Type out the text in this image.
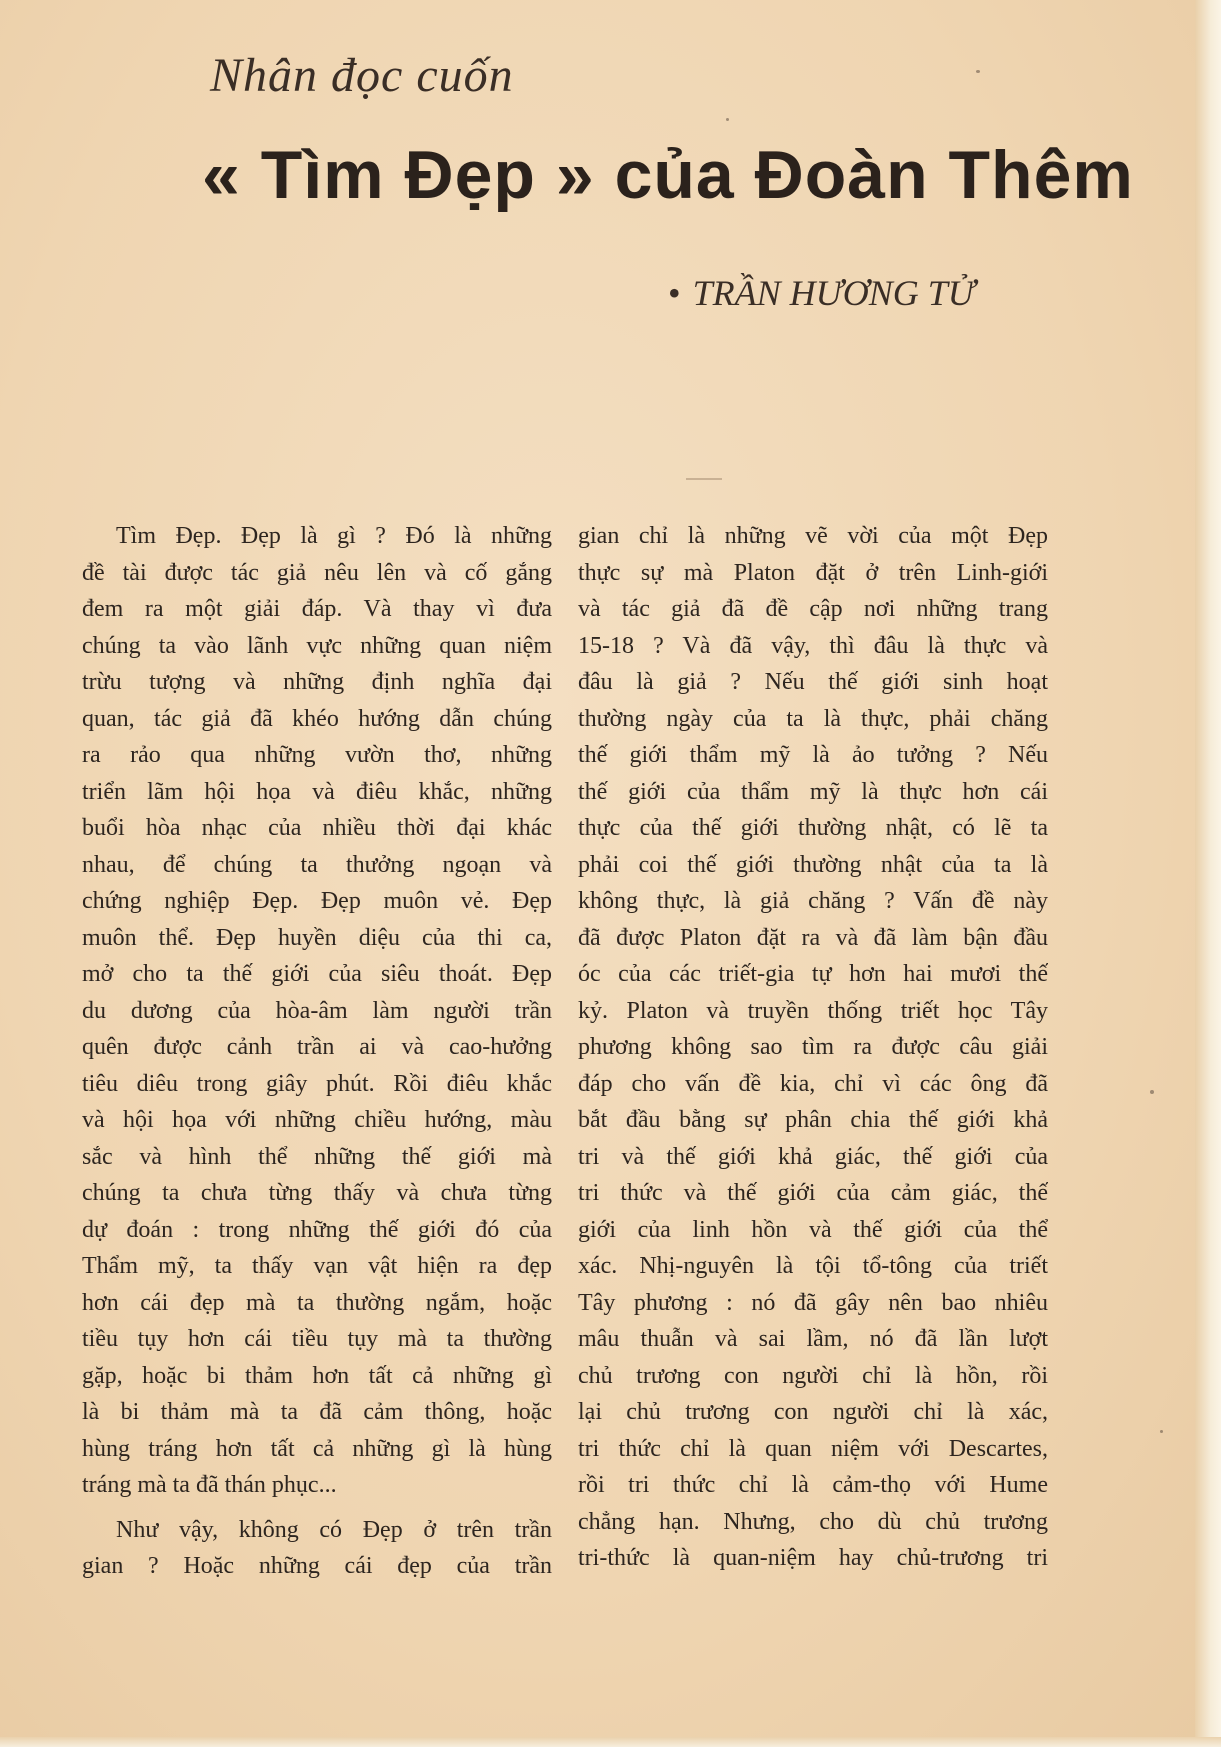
Nhân đọc cuốn
« Tìm Đẹp » của Đoàn Thêm
• TRẦN HƯƠNG TỬ
Tìm Đẹp. Đẹp là gì ? Đó là những
đề tài được tác giả nêu lên và cố gắng
đem ra một giải đáp. Và thay vì đưa
chúng ta vào lãnh vực những quan niệm
trừu tượng và những định nghĩa đại
quan, tác giả đã khéo hướng dẫn chúng
ra rảo qua những vườn thơ, những
triển lãm hội họa và điêu khắc, những
buổi hòa nhạc của nhiều thời đại khác
nhau, để chúng ta thưởng ngoạn và
chứng nghiệp Đẹp. Đẹp muôn vẻ. Đẹp
muôn thể. Đẹp huyền diệu của thi ca,
mở cho ta thế giới của siêu thoát. Đẹp
du dương của hòa-âm làm người trần
quên được cảnh trần ai và cao-hưởng
tiêu diêu trong giây phút. Rồi điêu khắc
và hội họa với những chiều hướng, màu
sắc và hình thể những thế giới mà
chúng ta chưa từng thấy và chưa từng
dự đoán : trong những thế giới đó của
Thẩm mỹ, ta thấy vạn vật hiện ra đẹp
hơn cái đẹp mà ta thường ngắm, hoặc
tiều tụy hơn cái tiều tụy mà ta thường
gặp, hoặc bi thảm hơn tất cả những gì
là bi thảm mà ta đã cảm thông, hoặc
hùng tráng hơn tất cả những gì là hùng
tráng mà ta đã thán phục...
Như vậy, không có Đẹp ở trên trần
gian ? Hoặc những cái đẹp của trần
gian chỉ là những vẽ vời của một Đẹp
thực sự mà Platon đặt ở trên Linh-giới
và tác giả đã đề cập nơi những trang
15-18 ? Và đã vậy, thì đâu là thực và
đâu là giả ? Nếu thế giới sinh hoạt
thường ngày của ta là thực, phải chăng
thế giới thẩm mỹ là ảo tưởng ? Nếu
thế giới của thẩm mỹ là thực hơn cái
thực của thế giới thường nhật, có lẽ ta
phải coi thế giới thường nhật của ta là
không thực, là giả chăng ? Vấn đề này
đã được Platon đặt ra và đã làm bận đầu
óc của các triết-gia tự hơn hai mươi thế
kỷ. Platon và truyền thống triết học Tây
phương không sao tìm ra được câu giải
đáp cho vấn đề kia, chỉ vì các ông đã
bắt đầu bằng sự phân chia thế giới khả
tri và thế giới khả giác, thế giới của
tri thức và thế giới của cảm giác, thế
giới của linh hồn và thế giới của thể
xác. Nhị-nguyên là tội tổ-tông của triết
Tây phương : nó đã gây nên bao nhiêu
mâu thuẫn và sai lầm, nó đã lần lượt
chủ trương con người chỉ là hồn, rồi
lại chủ trương con người chỉ là xác,
tri thức chỉ là quan niệm với Descartes,
rồi tri thức chỉ là cảm-thọ với Hume
chẳng hạn. Nhưng, cho dù chủ trương
tri-thức là quan-niệm hay chủ-trương tri
